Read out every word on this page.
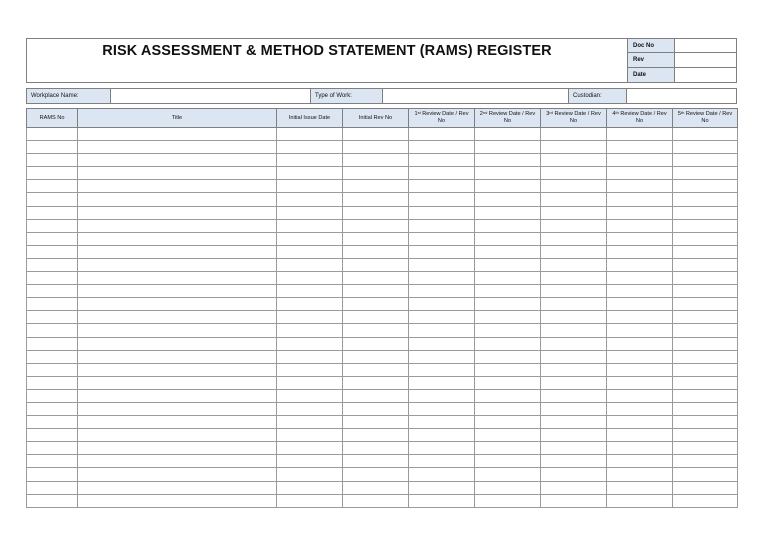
RISK ASSESSMENT & METHOD STATEMENT (RAMS) REGISTER	Doc No
Rev
Date
Workplace Name:	Type of Work:	Custodian:
RAMS No	Title	Initial Issue Date	Initial Rev No	1st Review Date / Rev No	2nd Review Date / Rev No	3rd Review Date / Rev No	4th Review Date / Rev No	5th Review Date / Rev No
